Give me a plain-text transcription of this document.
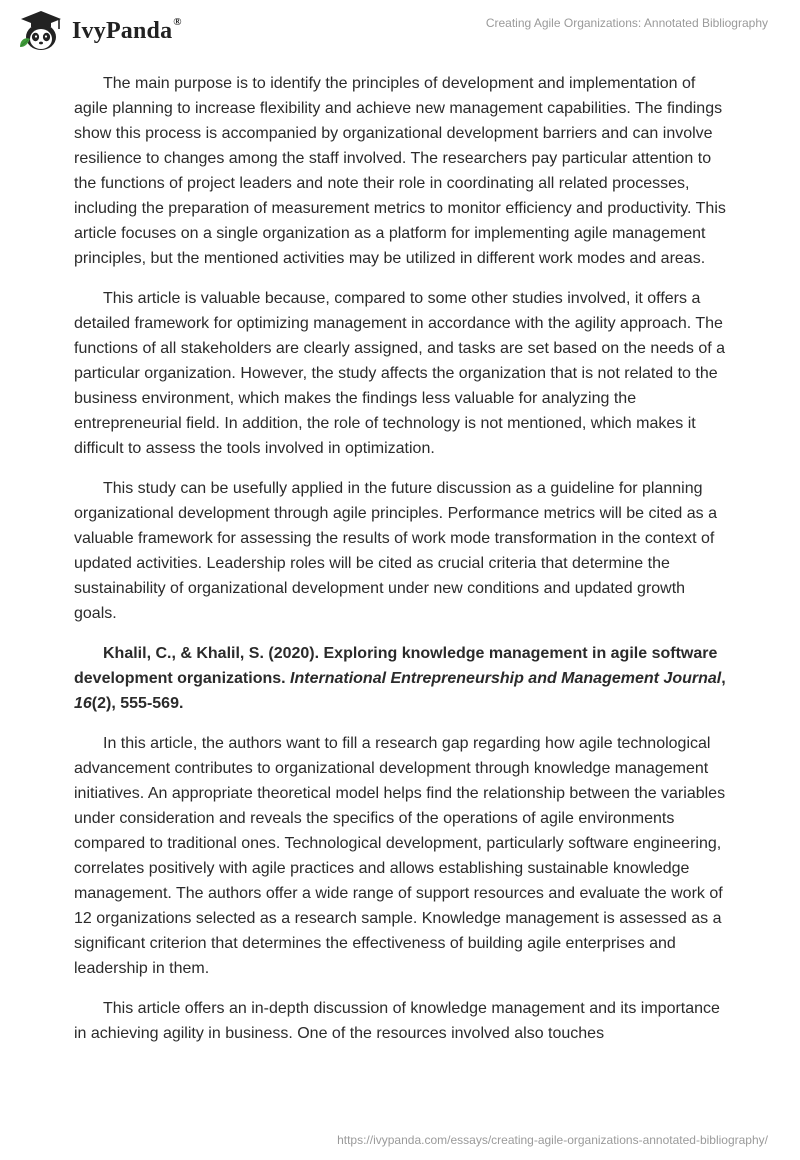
IvyPanda®	Creating Agile Organizations: Annotated Bibliography

The main purpose is to identify the principles of development and implementation of agile planning to increase flexibility and achieve new management capabilities. The findings show this process is accompanied by organizational development barriers and can involve resilience to changes among the staff involved. The researchers pay particular attention to the functions of project leaders and note their role in coordinating all related processes, including the preparation of measurement metrics to monitor efficiency and productivity. This article focuses on a single organization as a platform for implementing agile management principles, but the mentioned activities may be utilized in different work modes and areas.

This article is valuable because, compared to some other studies involved, it offers a detailed framework for optimizing management in accordance with the agility approach. The functions of all stakeholders are clearly assigned, and tasks are set based on the needs of a particular organization. However, the study affects the organization that is not related to the business environment, which makes the findings less valuable for analyzing the entrepreneurial field. In addition, the role of technology is not mentioned, which makes it difficult to assess the tools involved in optimization.

This study can be usefully applied in the future discussion as a guideline for planning organizational development through agile principles. Performance metrics will be cited as a valuable framework for assessing the results of work mode transformation in the context of updated activities. Leadership roles will be cited as crucial criteria that determine the sustainability of organizational development under new conditions and updated growth goals.

Khalil, C., & Khalil, S. (2020). Exploring knowledge management in agile software development organizations. International Entrepreneurship and Management Journal, 16(2), 555-569.

In this article, the authors want to fill a research gap regarding how agile technological advancement contributes to organizational development through knowledge management initiatives. An appropriate theoretical model helps find the relationship between the variables under consideration and reveals the specifics of the operations of agile environments compared to traditional ones. Technological development, particularly software engineering, correlates positively with agile practices and allows establishing sustainable knowledge management. The authors offer a wide range of support resources and evaluate the work of 12 organizations selected as a research sample. Knowledge management is assessed as a significant criterion that determines the effectiveness of building agile enterprises and leadership in them.

This article offers an in-depth discussion of knowledge management and its importance in achieving agility in business. One of the resources involved also touches

https://ivypanda.com/essays/creating-agile-organizations-annotated-bibliography/
